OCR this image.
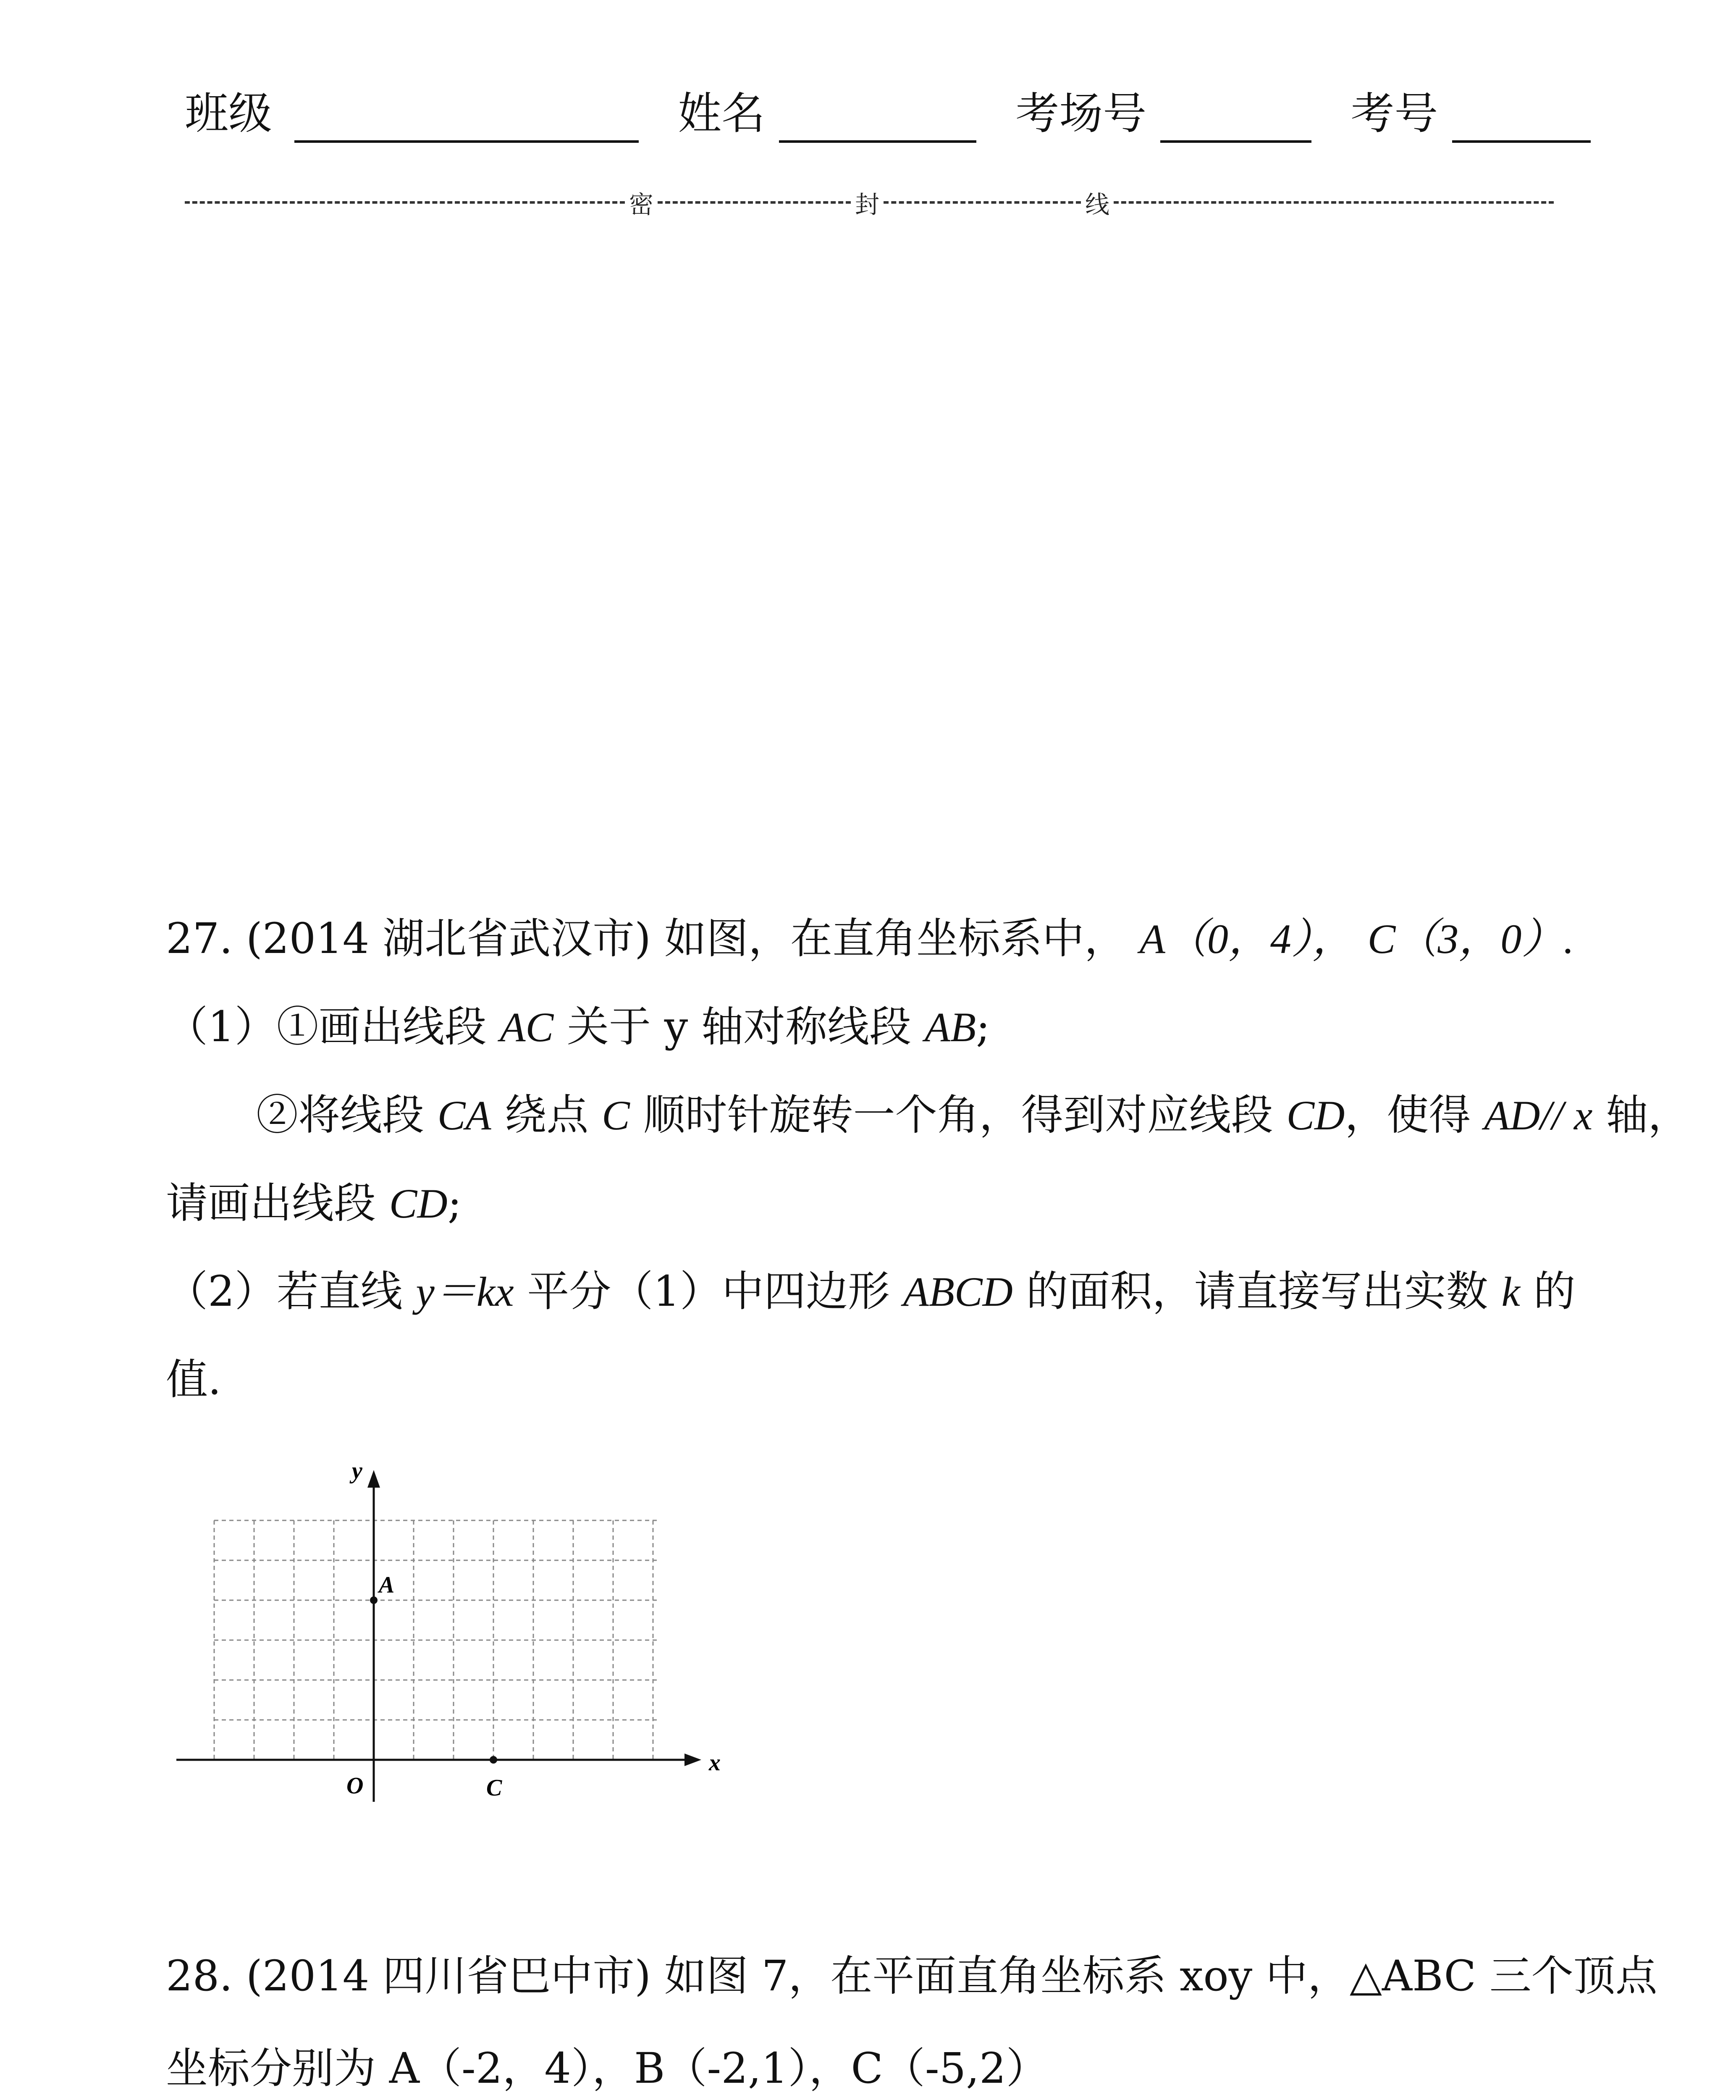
班级	姓名	考场号	考号
密	封	线
27. (2014 湖北省武汉市) 如图，在直角坐标系中， A（0，4）， C（3，0）.
（1）①画出线段 AC 关于 y 轴对称线段 AB;
②将线段 CA 绕点 C 顺时针旋转一个角，得到对应线段 CD，使得 AD// x 轴，
请画出线段 CD;
（2）若直线 y＝kx 平分（1）中四边形 ABCD 的面积，请直接写出实数 k 的
值.
y
x
O
A
C
28. (2014 四川省巴中市) 如图 7，在平面直角坐标系 xoy 中，△ABC 三个顶点
坐标分别为 A（-2，4），B（-2,1），C（-5,2）
